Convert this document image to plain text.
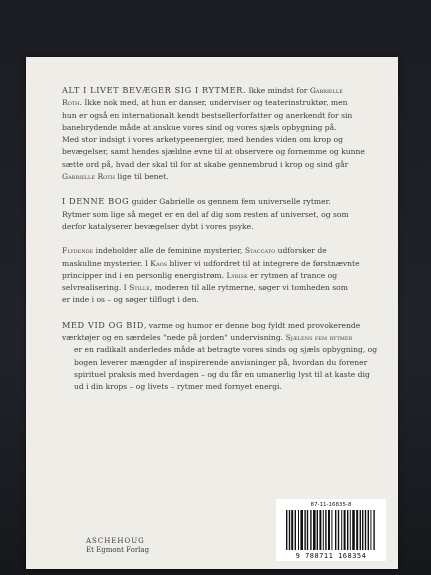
ALT I LIVET BEVÆGER SIG I RYTMER. Ikke mindst for Gabrielle
Roth. Ikke nok med, at hun er danser, underviser og teaterinstruktør, men
hun er også en internationalt kendt bestsellerforfatter og anerkendt for sin
banebrydende måde at anskue vores sind og vores sjæls opbygning på.
Med stor indsigt i vores arketypeenergier, med hendes viden om krop og
bevægelser, samt hendes sjældne evne til at observere og fornemme og kunne
sætte ord på, hvad der skal til for at skabe gennembrud i krop og sind går
Gabrielle Roth lige til benet.
I DENNE BOG guider Gabrielle os gennem fem universelle rytmer.
Rytmer som lige så meget er en del af dig som resten af universet, og som
derfor katalyserer bevægelser dybt i vores psyke.
Flydende indeholder alle de feminine mysterier, Staccato udforsker de
maskuline mysterier. I Kaos bliver vi udfordret til at integrere de førstnævnte
principper ind i en personlig energistrøm. Lyrisk er rytmen af trance og
selvrealisering. I Stille, moderen til alle rytmerne, søger vi tomheden som
er inde i os – og søger tilflugt i den.
MED VID OG BID, varme og humor er denne bog fyldt med provokerende
værktøjer og en særdeles "nede på jorden" undervisning. Sjælens fem rytmer
er en radikalt anderledes måde at betragte vores sinds og sjæls opbygning, og
bogen leverer mængder af inspirerende anvisninger på, hvordan du forener
spirituel praksis med hverdagen – og du får en umanerlig lyst til at kaste dig
ud i din krops – og livets – rytmer med fornyet energi.
ASCHEHOUG
Et Egmont Forlag
87-11-16835-8
9 788711 168354
